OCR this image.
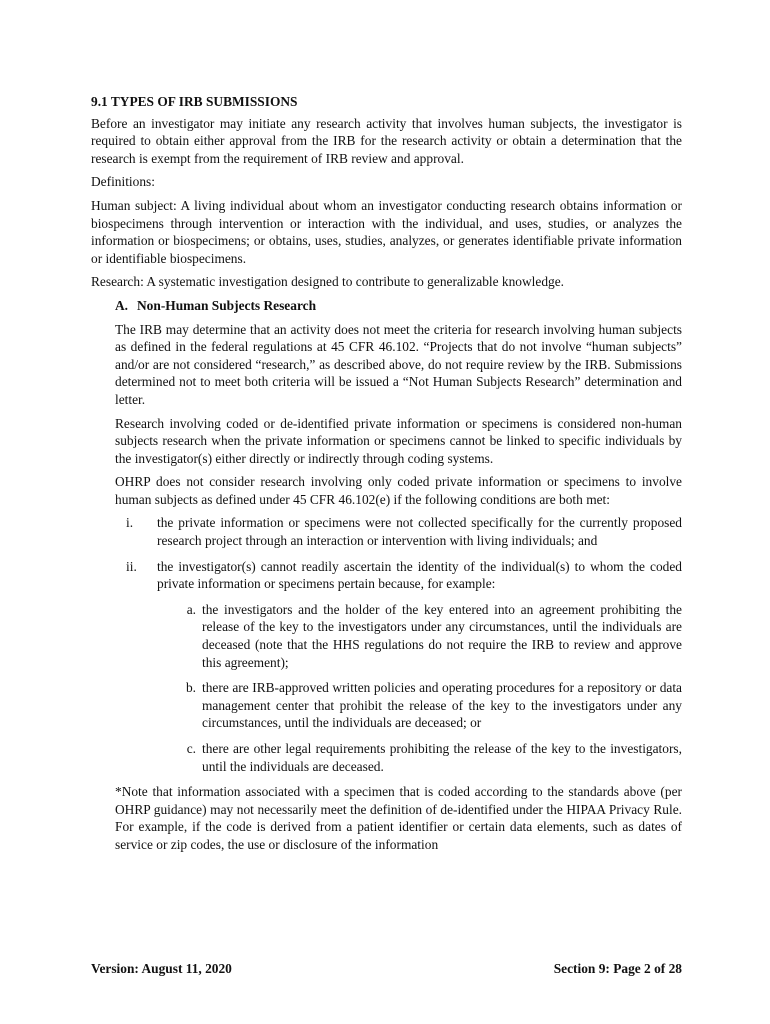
9.1 TYPES OF IRB SUBMISSIONS

Before an investigator may initiate any research activity that involves human subjects, the investigator is required to obtain either approval from the IRB for the research activity or obtain a determination that the research is exempt from the requirement of IRB review and approval.

Definitions:

Human subject: A living individual about whom an investigator conducting research obtains information or biospecimens through intervention or interaction with the individual, and uses, studies, or analyzes the information or biospecimens; or obtains, uses, studies, analyzes, or generates identifiable private information or identifiable biospecimens.

Research: A systematic investigation designed to contribute to generalizable knowledge.

A. Non-Human Subjects Research

The IRB may determine that an activity does not meet the criteria for research involving human subjects as defined in the federal regulations at 45 CFR 46.102. “Projects that do not involve “human subjects” and/or are not considered “research,” as described above, do not require review by the IRB. Submissions determined not to meet both criteria will be issued a “Not Human Subjects Research” determination and letter.

Research involving coded or de-identified private information or specimens is considered non-human subjects research when the private information or specimens cannot be linked to specific individuals by the investigator(s) either directly or indirectly through coding systems.

OHRP does not consider research involving only coded private information or specimens to involve human subjects as defined under 45 CFR 46.102(e) if the following conditions are both met:

i.	the private information or specimens were not collected specifically for the currently proposed research project through an interaction or intervention with living individuals; and
ii.	the investigator(s) cannot readily ascertain the identity of the individual(s) to whom the coded private information or specimens pertain because, for example:
a. the investigators and the holder of the key entered into an agreement prohibiting the release of the key to the investigators under any circumstances, until the individuals are deceased (note that the HHS regulations do not require the IRB to review and approve this agreement);
b. there are IRB-approved written policies and operating procedures for a repository or data management center that prohibit the release of the key to the investigators under any circumstances, until the individuals are deceased; or
c. there are other legal requirements prohibiting the release of the key to the investigators, until the individuals are deceased.

*Note that information associated with a specimen that is coded according to the standards above (per OHRP guidance) may not necessarily meet the definition of de-identified under the HIPAA Privacy Rule. For example, if the code is derived from a patient identifier or certain data elements, such as dates of service or zip codes, the use or disclosure of the information

Version: August 11, 2020	Section 9: Page 2 of 28
